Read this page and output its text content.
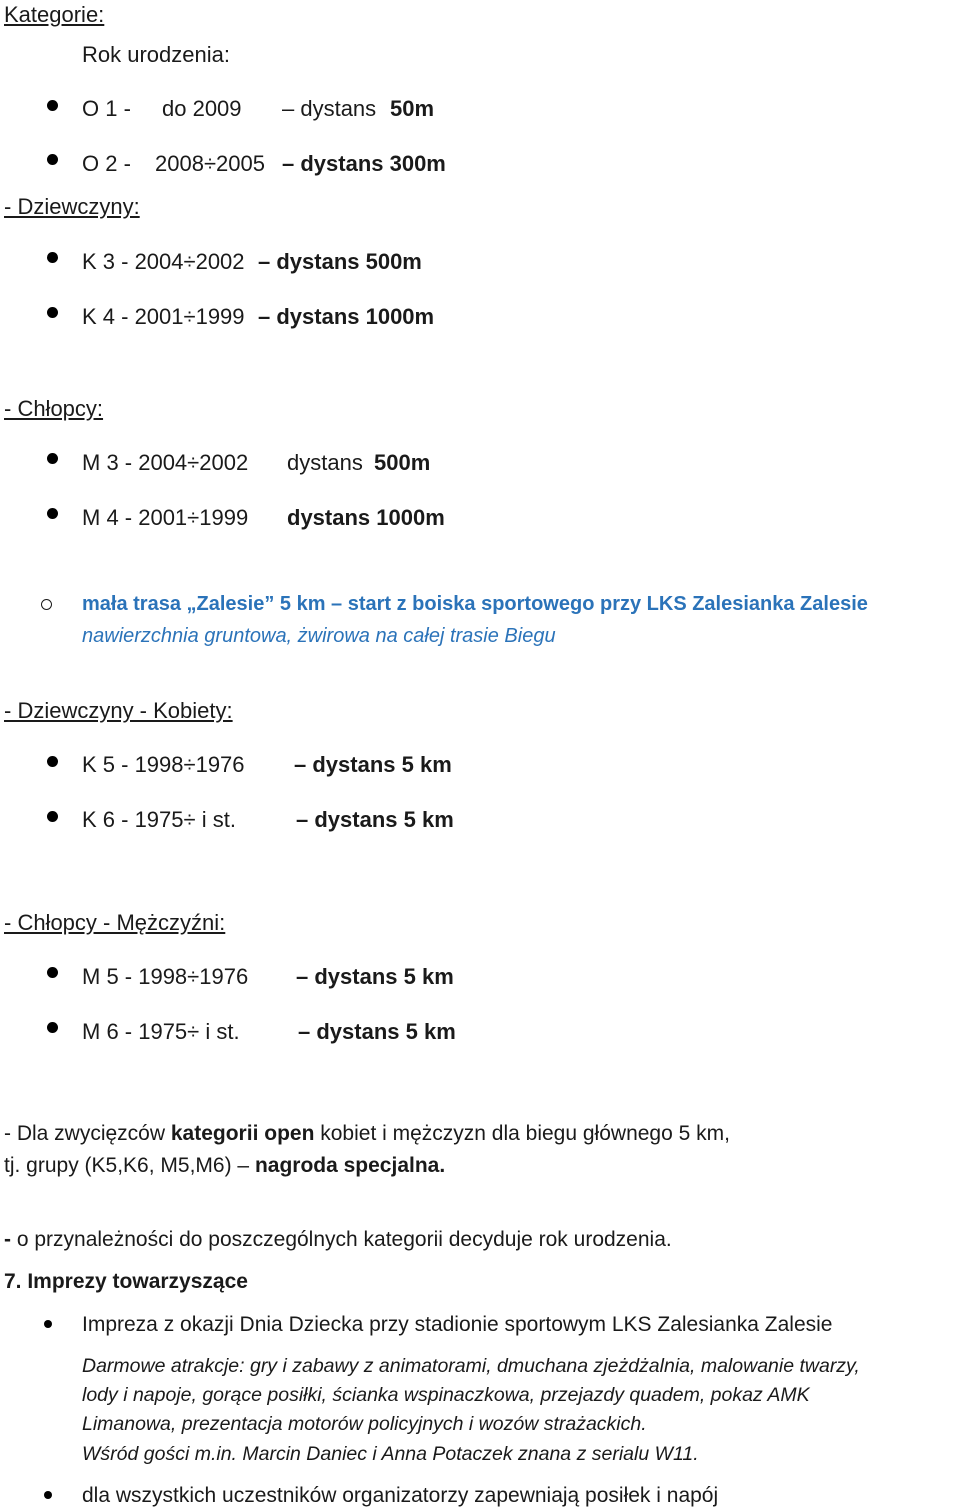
Kategorie:
Rok urodzenia:
O 1 - do 2009 – dystans 50m
O 2 - 2008÷2005 – dystans 300m
- Dziewczyny:
K 3 - 2004÷2002 – dystans 500m
K 4 - 2001÷1999 – dystans 1000m
- Chłopcy:
M 3 - 2004÷2002 dystans 500m
M 4 - 2001÷1999 dystans 1000m
mała trasa „Zalesie” 5 km – start z boiska sportowego przy LKS Zalesianka Zalesie
nawierzchnia gruntowa, żwirowa na całej trasie Biegu
- Dziewczyny - Kobiety:
K 5 - 1998÷1976 – dystans 5 km
K 6 - 1975÷ i st.	– dystans 5 km
- Chłopcy - Mężczyźni:
M 5 - 1998÷1976 – dystans 5 km
M 6 - 1975÷ i st.	– dystans 5 km
- Dla zwycięzców kategorii open kobiet i mężczyzn dla biegu głównego 5 km,
tj. grupy (K5,K6, M5,M6) – nagroda specjalna.
- o przynależności do poszczególnych kategorii decyduje rok urodzenia.
7. Imprezy towarzyszące
Impreza z okazji Dnia Dziecka przy stadionie sportowym LKS Zalesianka Zalesie
Darmowe atrakcje: gry i zabawy z animatorami, dmuchana zjeżdżalnia, malowanie twarzy,
lody i napoje, gorące posiłki, ścianka wspinaczkowa, przejazdy quadem, pokaz AMK
Limanowa, prezentacja motorów policyjnych i wozów strażackich.
Wśród gości m.in. Marcin Daniec i Anna Potaczek znana z serialu W11.
dla wszystkich uczestników organizatorzy zapewniają posiłek i napój
